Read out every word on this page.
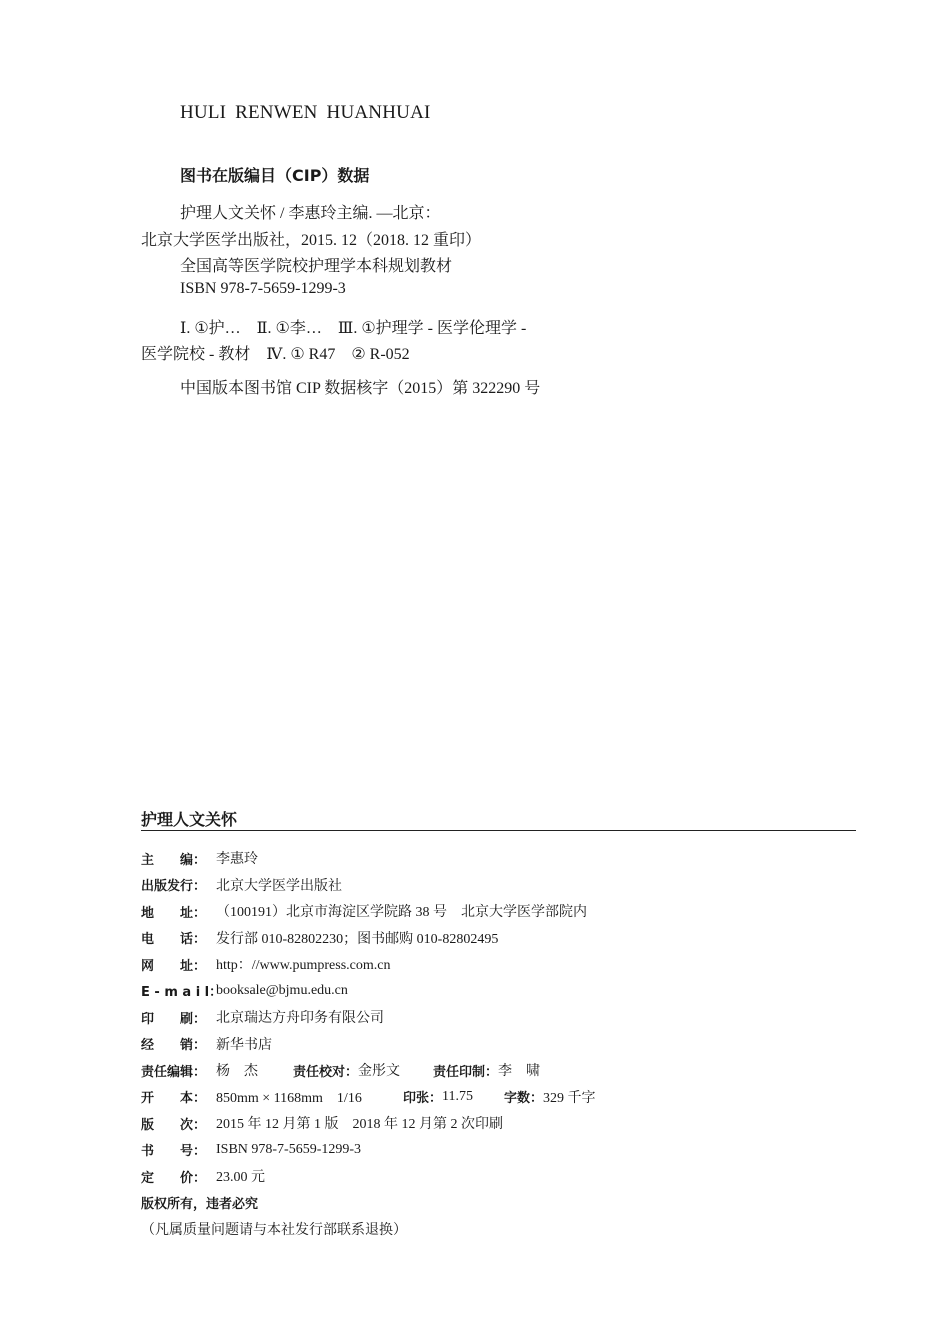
HULI RENWEN HUANHUAI
图书在版编目（CIP）数据
护理人文关怀 / 李惠玲主编. —北京：
北京大学医学出版社，2015. 12（2018. 12 重印）
全国高等医学院校护理学本科规划教材
ISBN 978-7-5659-1299-3
Ⅰ. ①护…　Ⅱ. ①李…　Ⅲ. ①护理学 - 医学伦理学 -
医学院校 - 教材　Ⅳ. ① R47　② R-052
中国版本图书馆 CIP 数据核字（2015）第 322290 号
护理人文关怀
主　　编： 李惠玲
出版发行： 北京大学医学出版社
地　　址： （100191）北京市海淀区学院路 38 号　北京大学医学部院内
电　　话： 发行部 010-82802230；图书邮购 010-82802495
网　　址： http：//www.pumpress.com.cn
E - m a i l：
booksale@bjmu.edu.cn
印　　刷： 北京瑞达方舟印务有限公司
经　　销： 新华书店
责任编辑： 杨　杰	责任校对： 金彤文	责任印制： 李　啸
开　　本： 850mm × 1168mm　1/16	印张： 11.75	字数： 329 千字
版　　次： 2015 年 12 月第 1 版　2018 年 12 月第 2 次印刷
书　　号： ISBN 978-7-5659-1299-3
定　　价： 23.00 元
版权所有，违者必究
（凡属质量问题请与本社发行部联系退换）
